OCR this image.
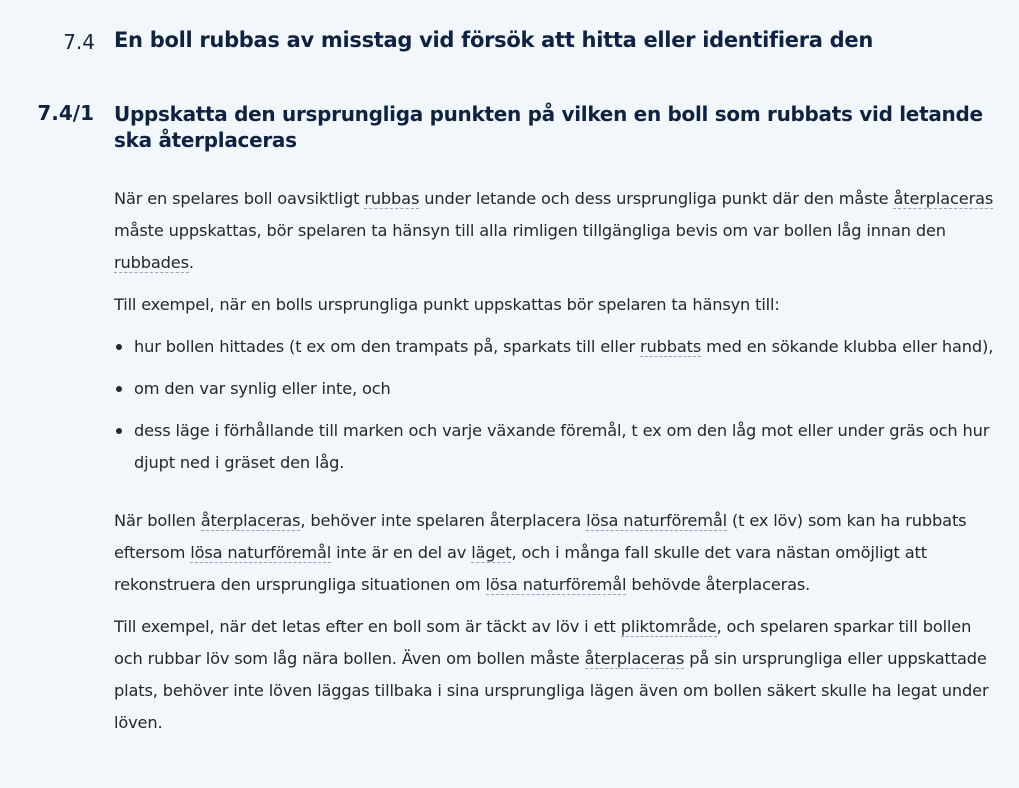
7.4 En boll rubbas av misstag vid försök att hitta eller identifiera den
7.4/1 Uppskatta den ursprungliga punkten på vilken en boll som rubbats vid letande ska återplaceras

När en spelares boll oavsiktligt rubbas under letande och dess ursprungliga punkt där den måste återplaceras måste uppskattas, bör spelaren ta hänsyn till alla rimligen tillgängliga bevis om var bollen låg innan den rubbades.

Till exempel, när en bolls ursprungliga punkt uppskattas bör spelaren ta hänsyn till:

hur bollen hittades (t ex om den trampats på, sparkats till eller rubbats med en sökande klubba eller hand),
om den var synlig eller inte, och
dess läge i förhållande till marken och varje växande föremål, t ex om den låg mot eller under gräs och hur djupt ned i gräset den låg.

När bollen återplaceras, behöver inte spelaren återplacera lösa naturföremål (t ex löv) som kan ha rubbats eftersom lösa naturföremål inte är en del av läget, och i många fall skulle det vara nästan omöjligt att rekonstruera den ursprungliga situationen om lösa naturföremål behövde återplaceras.

Till exempel, när det letas efter en boll som är täckt av löv i ett pliktområde, och spelaren sparkar till bollen och rubbar löv som låg nära bollen. Även om bollen måste återplaceras på sin ursprungliga eller uppskattade plats, behöver inte löven läggas tillbaka i sina ursprungliga lägen även om bollen säkert skulle ha legat under löven.
